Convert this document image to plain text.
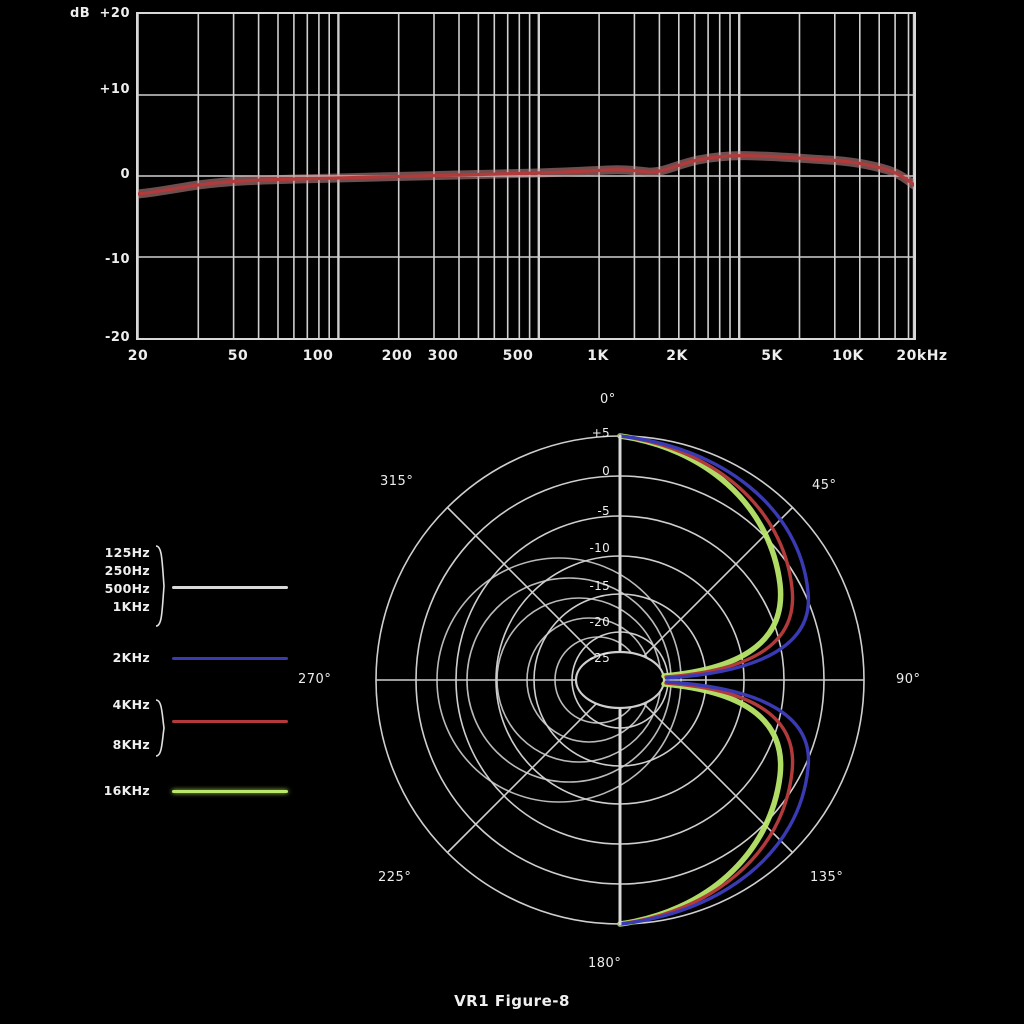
dB +20
+10
0
-10
-20
20	50	100	200	300	500	1K	2K	5K	10K	20kHz
0°
45°
90°
135°
180°
225°
270°
315°
+5
0
-5
-10
-15
-20
-25
125Hz
250Hz
500Hz
1KHz
2KHz
4KHz
8KHz
16KHz
VR1 Figure-8
